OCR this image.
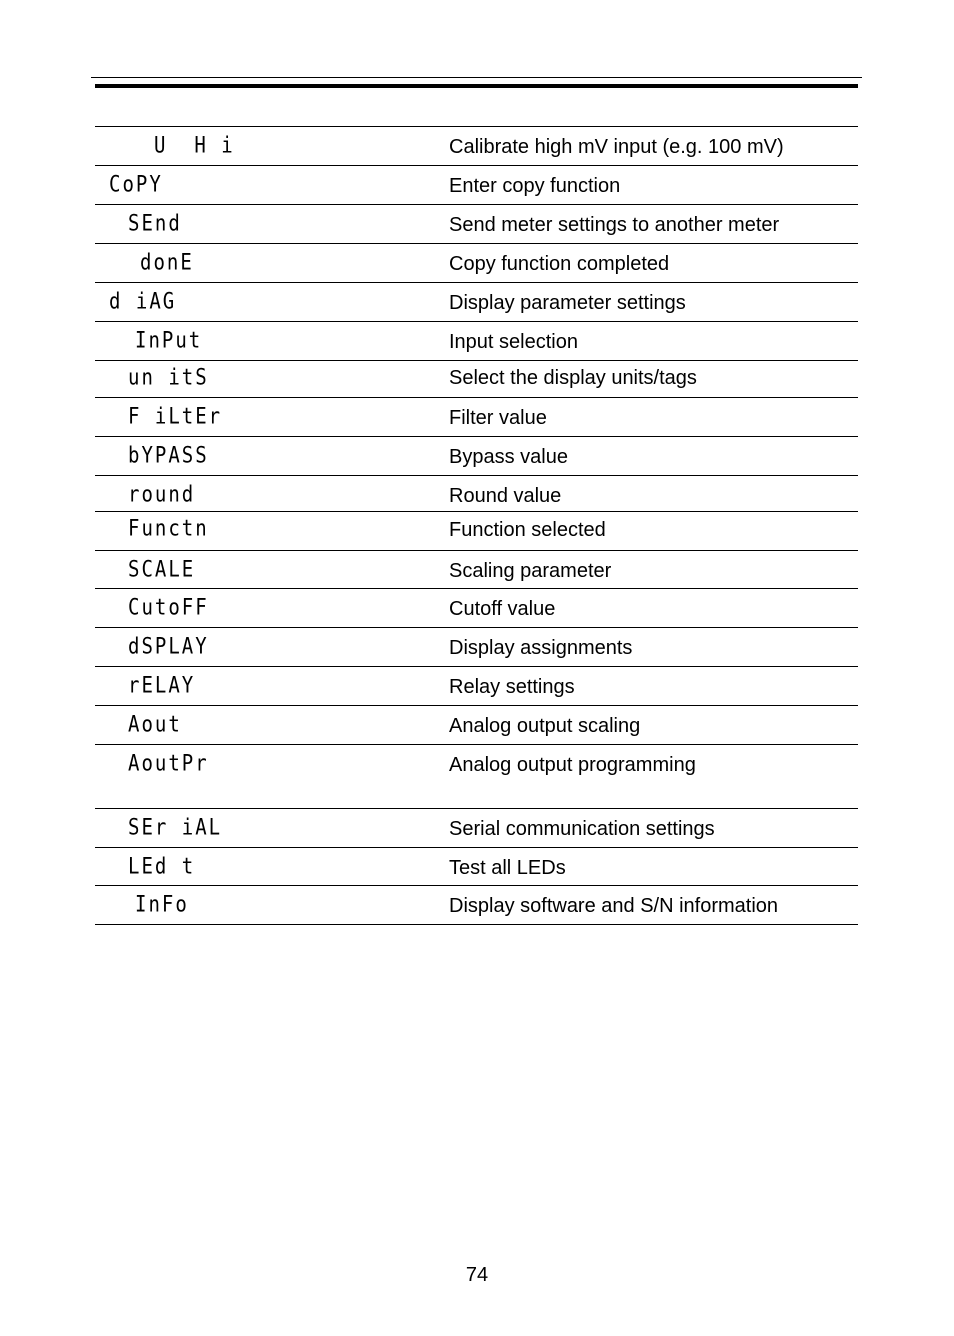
U  H i	Calibrate high mV input (e.g. 100 mV)
CoPY	Enter copy function
SEnd	Send meter settings to another meter
donE	Copy function completed
d iAG	Display parameter settings
InPut	Input selection
un itS	Select the display units/tags
F iLtEr	Filter value
bYPASS	Bypass value
round	Round value
Functn	Function selected
SCALE	Scaling parameter
CutoFF	Cutoff value
dSPLAY	Display assignments
rELAY	Relay settings
Aout	Analog output scaling
AoutPr	Analog output programming
SEr iAL	Serial communication settings
LEd t	Test all LEDs
InFo	Display software and S/N information
74
